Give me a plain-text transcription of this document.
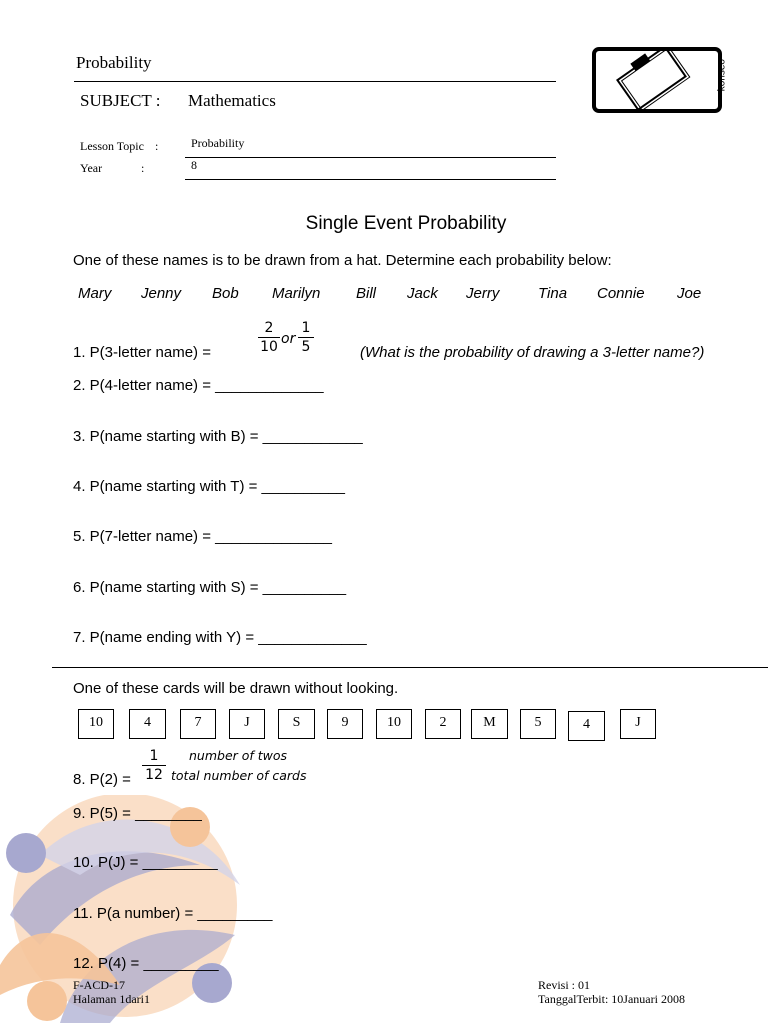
Probability
SUBJECT : Mathematics
Lesson Topic :	Probability
Year	:	8
konseo
Single Event Probability
One of these names is to be drawn from a hat. Determine each probability below:
Mary Jenny Bob Marilyn Bill Jack Jerry	Tina Connie Joe
1. P(3-letter name) =
2
10 or
1
5	(What is the probability of drawing a 3-letter name?)
2. P(4-letter name) = _____________
3. P(name starting with B) = ____________
4. P(name starting with T) = __________
5. P(7-letter name) = ______________
6. P(name starting with S) = __________
7. P(name ending with Y) = _____________
One of these cards will be drawn without looking.
10	4	7	J	S	9	10	2	M	5	4	J
8. P(2) =
1
12
number of twos
total number of cards
9. P(5) = ________
10. P(J) = _________
11. P(a number) = _________
12. P(4) = _________
F-ACD-17
Halaman 1dari1
Revisi : 01
TanggalTerbit: 10Januari 2008
